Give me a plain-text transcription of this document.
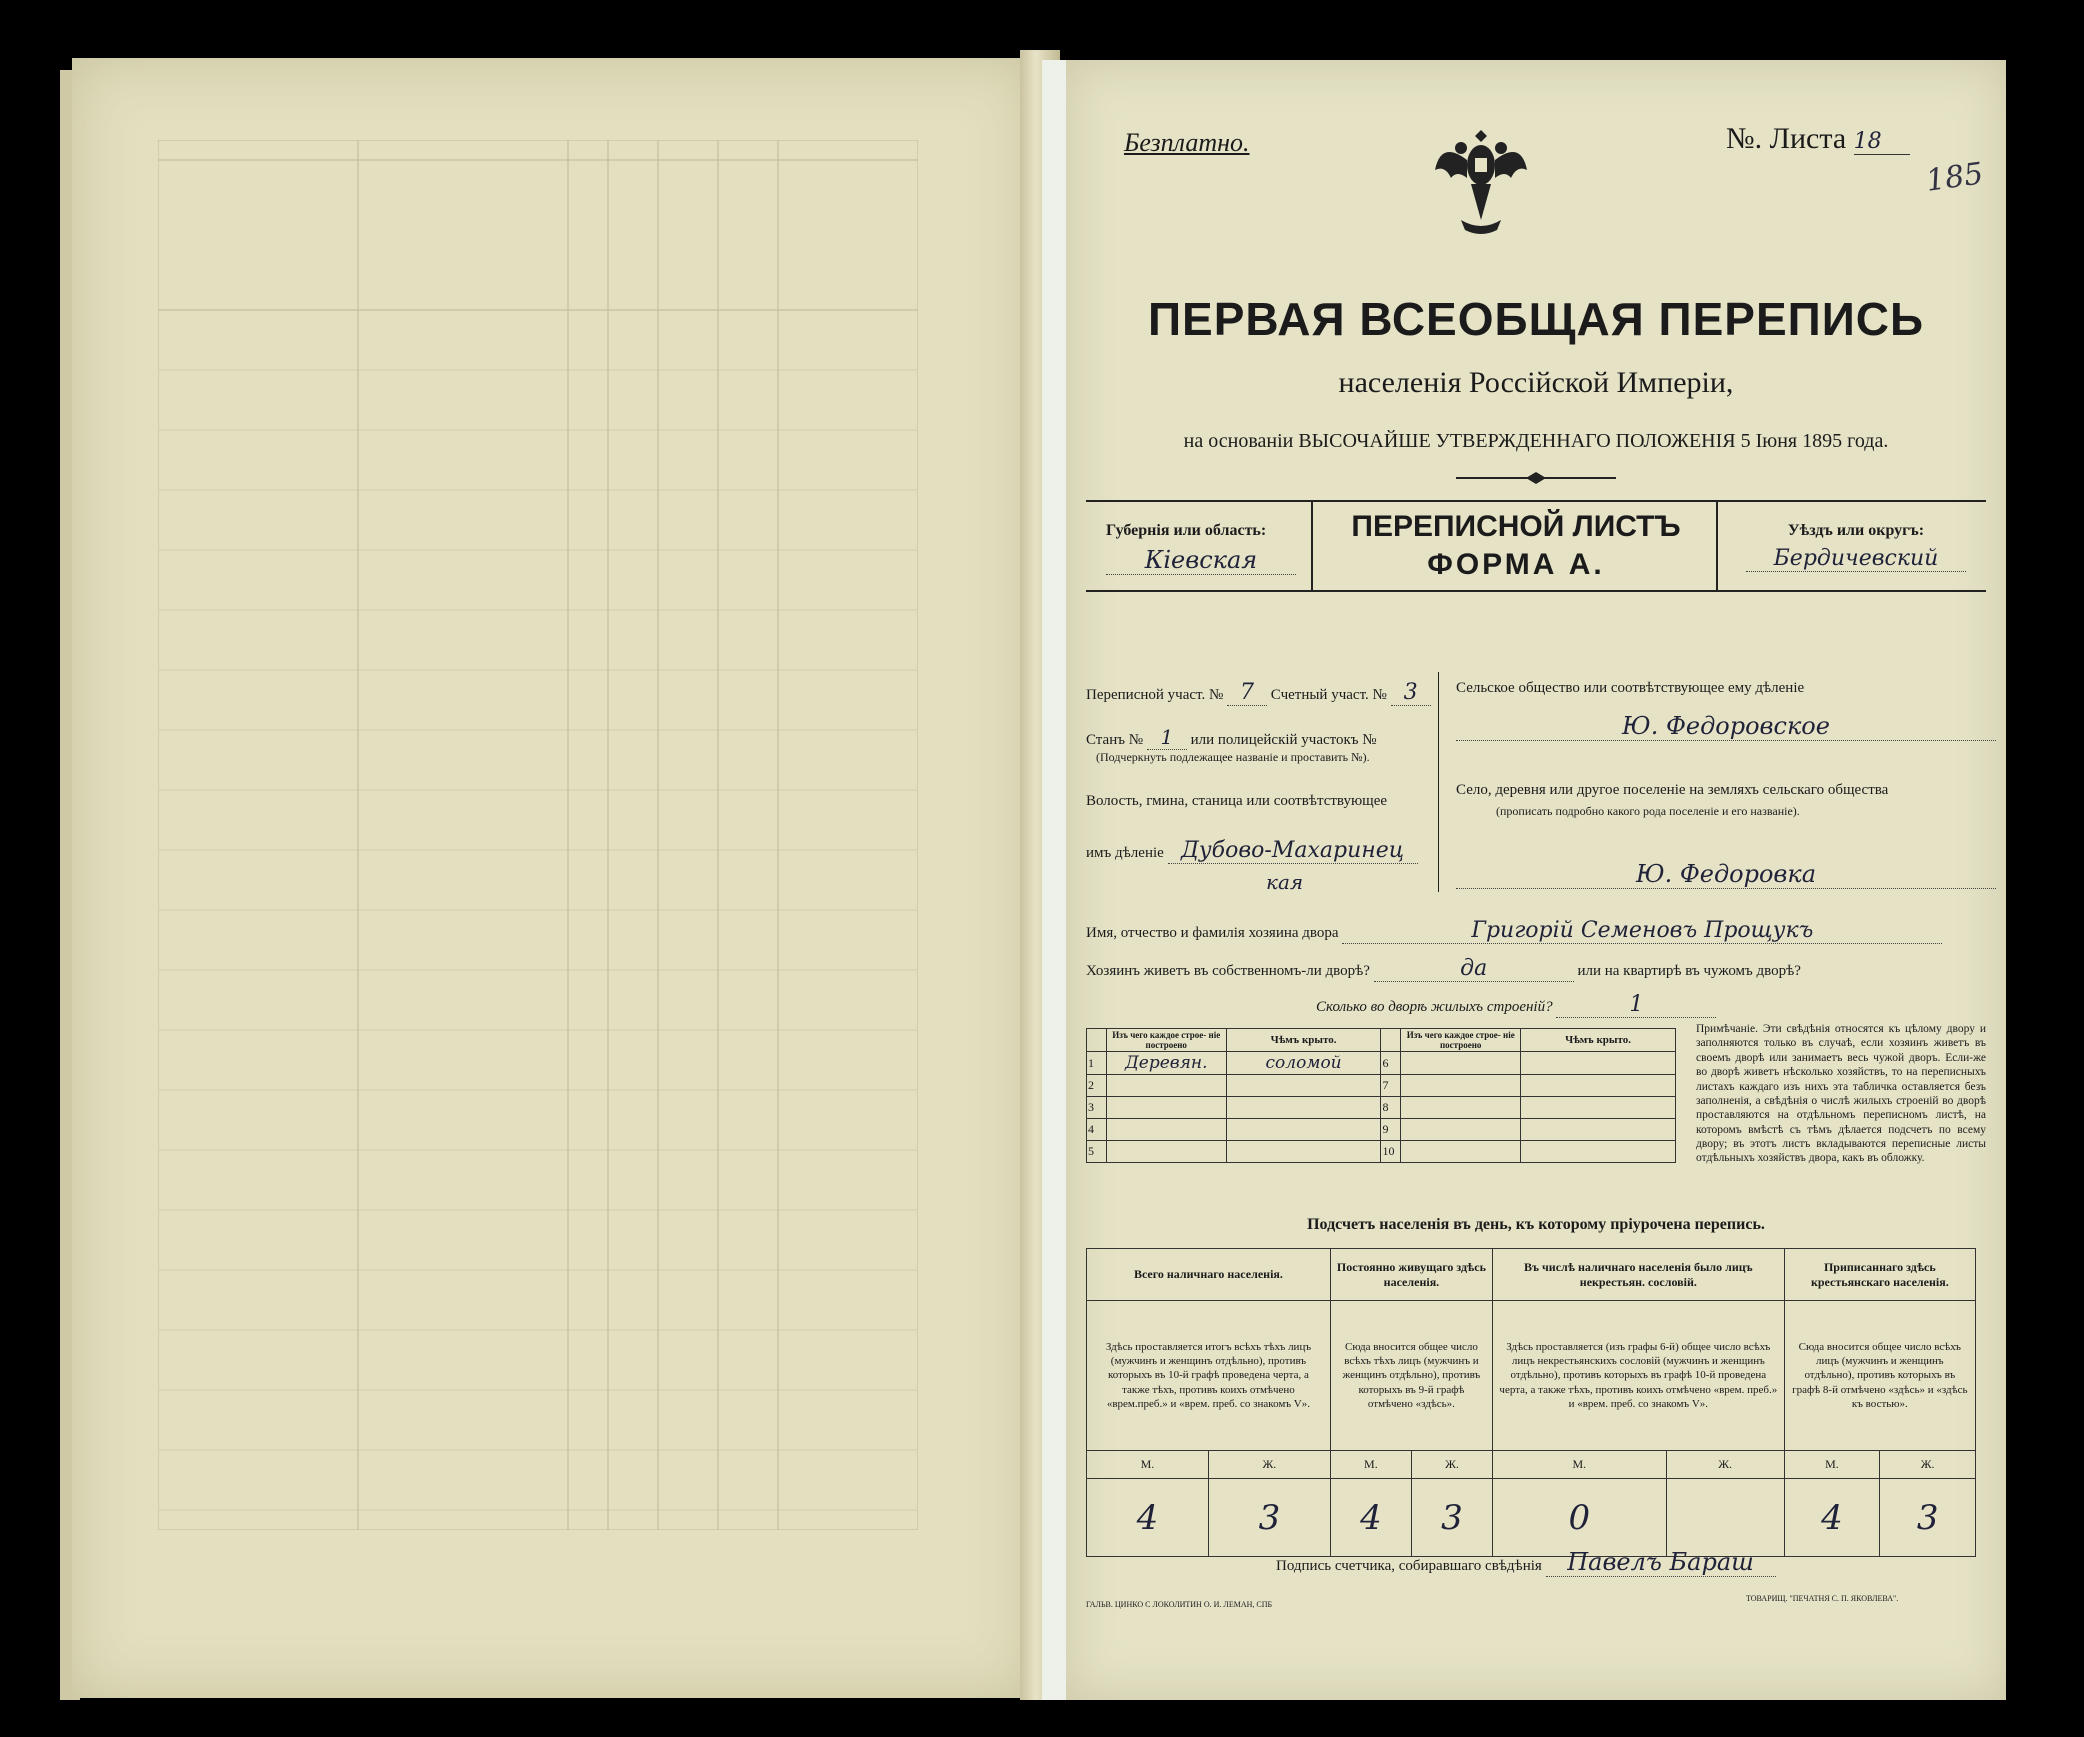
Безплатно.	№. Листа 18
185
ПЕРВАЯ ВСЕОБЩАЯ ПЕРЕПИСЬ
населенія Россійской Имперіи,
на основаніи ВЫСОЧАЙШЕ УТВЕРЖДЕННАГО ПОЛОЖЕНІЯ 5 Іюня 1895 года.
Губернія или область:
Кіевская
ПЕРЕПИСНОЙ ЛИСТЪ
ФОРМА А.
Уѣздъ или округъ:
Бердичевский
Переписной участ. № 7 Счетный участ. № 3
Станъ № 1 или полицейскій участокъ №
(Подчеркнуть подлежащее названіе и проставить №).
Волость, гмина, станица или соотвѣтствующее
имъ дѣленіе Дубово-Махаринец
кая
Сельское общество или соотвѣтствующее ему дѣленіе
Ю. Федоровское
Село, деревня или другое поселеніе на земляхъ сельскаго общества
(прописать подробно какого рода поселеніе и его названіе).
Ю. Федоровка
Имя, отчество и фамилія хозяина двора	Григорій Семеновъ Прощукъ
Хозяинъ живетъ въ собственномъ-ли дворѣ?	да	или на квартирѣ въ чужомъ дворѣ?
Сколько во дворѣ жилыхъ строеній?	1
	Изъ чего каждое строе- ніе построено	Чѣмъ крыто.		Изъ чего каждое строе- ніе построено	Чѣмъ крыто.
1	Деревян.	соломой	6		
2			7		
3			8		
4			9		
5			10		
Примѣчаніе. Эти свѣдѣнія относятся къ цѣлому двору и заполняются только въ случаѣ, если хозяинъ живетъ въ своемъ дворѣ или занимаетъ весь чужой дворъ. Если-же во дворѣ живетъ нѣсколько хозяйствъ, то на переписныхъ листахъ каждаго изъ нихъ эта табличка оставляется безъ заполненія, а свѣдѣнія о числѣ жилыхъ строеній во дворѣ проставляются на отдѣльномъ переписномъ листѣ, на которомъ вмѣстѣ съ тѣмъ дѣлается подсчетъ по всему двору; въ этотъ листъ вкладываются переписные листы отдѣльныхъ хозяйствъ двора, какъ въ обложку.
Подсчетъ населенія въ день, къ которому пріурочена перепись.
Всего наличнаго населенія.		Постоянно живущаго здѣсь населенія.		Въ числѣ наличнаго населенія было лицъ некрестьян. сословій.		Приписаннаго здѣсь крестьянскаго населенія.	
Здѣсь проставляется итогъ всѣхъ тѣхъ лицъ (мужчинъ и женщинъ отдѣльно), противъ которыхъ въ 10-й графѣ проведена черта, а также тѣхъ, противъ коихъ отмѣчено «врем.преб.» и «врем. преб. со знакомъ V».		Сюда вносится общее число всѣхъ тѣхъ лицъ (мужчинъ и женщинъ отдѣльно), противъ которыхъ въ 9-й графѣ отмѣчено «здѣсь».		Здѣсь проставляется (изъ графы 6-й) общее число всѣхъ лицъ некрестьянскихъ сословій (мужчинъ и женщинъ отдѣльно), противъ которыхъ въ графѣ 10-й проведена черта, а также тѣхъ, противъ коихъ отмѣчено «врем. преб.» и «врем. преб. со знакомъ V».		Сюда вносится общее число всѣхъ лицъ (мужчинъ и женщинъ отдѣльно), противъ которыхъ въ графѣ 8-й отмѣчено «здѣсь» и «здѣсь къ востью».	
М.	Ж.	М.	Ж.	М.	Ж.	М.	Ж.
4	3	4	3	0		4	3
Подпись счетчика, собиравшаго свѣдѣнія Павелъ Бараш
ГАЛЬВ. ЦИНКО С ЛОКОЛИТИН О. И. ЛЕМАН, СПБ
ТОВАРИЩ. "ПЕЧАТНЯ С. П. ЯКОВЛЕВА".
